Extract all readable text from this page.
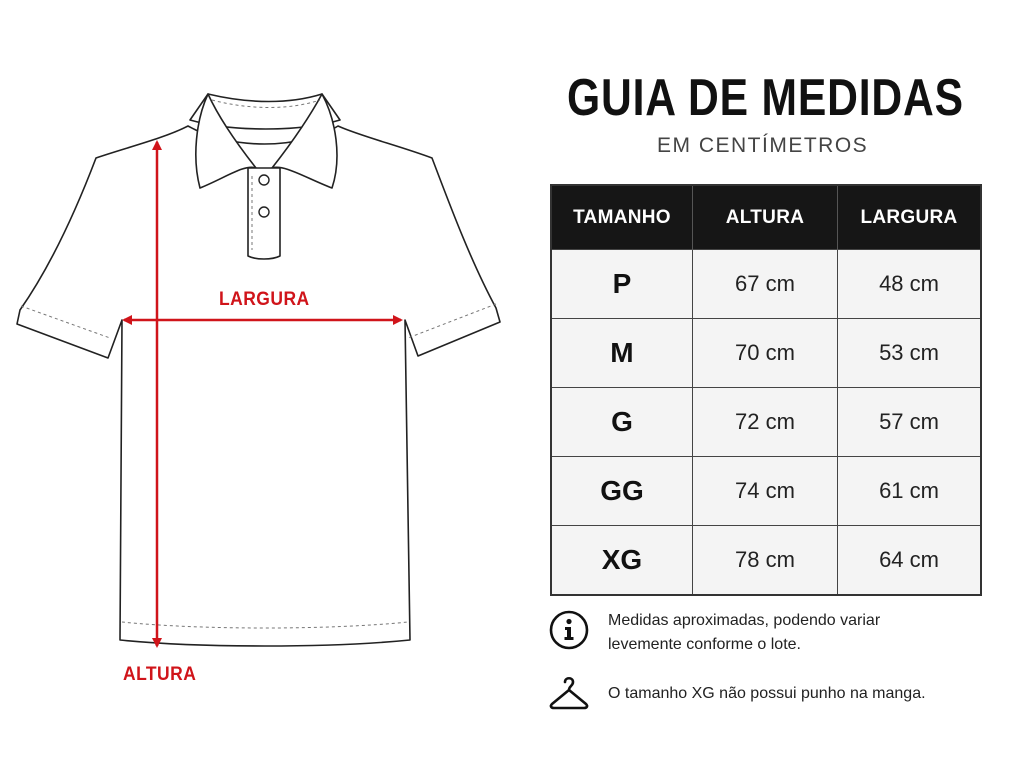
LARGURA
ALTURA
GUIA DE MEDIDAS
EM CENTÍMETROS
TAMANHO	ALTURA	LARGURA
P	67 cm	48 cm
M	70 cm	53 cm
G	72 cm	57 cm
GG	74 cm	61 cm
XG	78 cm	64 cm
Medidas aproximadas, podendo variar levemente conforme o lote.
O tamanho XG não possui punho na manga.
